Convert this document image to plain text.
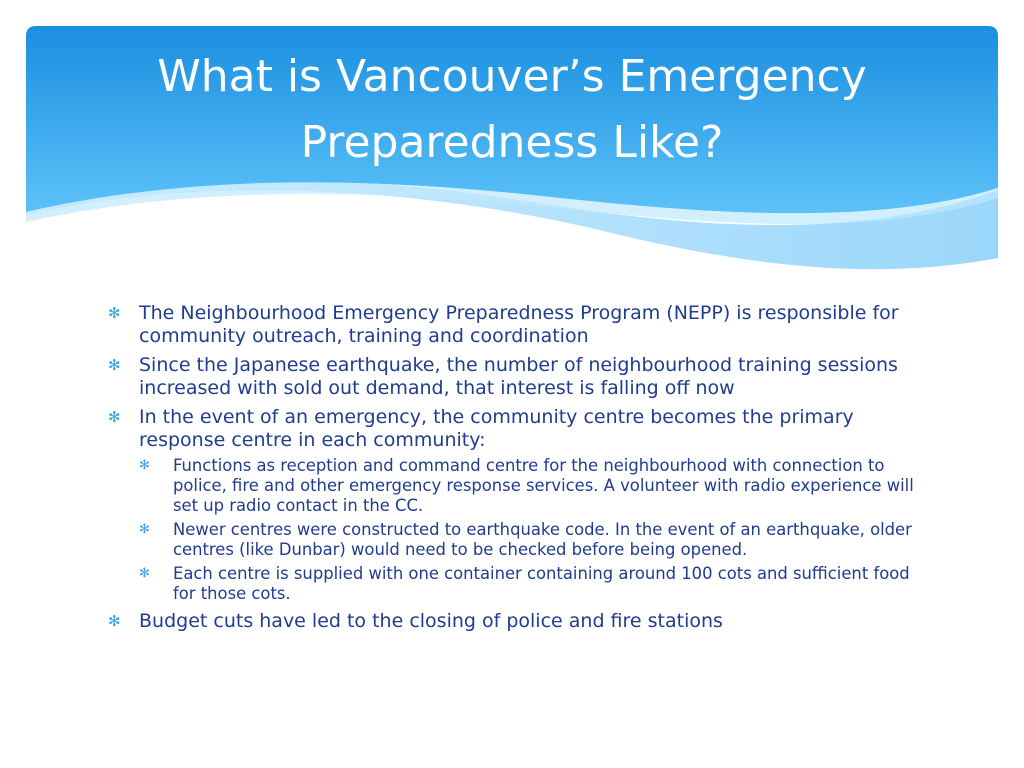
What is Vancouver’s Emergency Preparedness Like?
✻ The Neighbourhood Emergency Preparedness Program (NEPP) is responsible for community outreach, training and coordination
✻ Since the Japanese earthquake, the number of neighbourhood training sessions increased with sold out demand, that interest is falling off now
✻ In the event of an emergency, the community centre becomes the primary response centre in each community:
✻ Functions as reception and command centre for the neighbourhood with connection to police, fire and other emergency response services. A volunteer with radio experience will set up radio contact in the CC.
✻ Newer centres were constructed to earthquake code. In the event of an earthquake, older centres (like Dunbar) would need to be checked before being opened.
✻ Each centre is supplied with one container containing around 100 cots and sufficient food for those cots.
✻ Budget cuts have led to the closing of police and fire stations
